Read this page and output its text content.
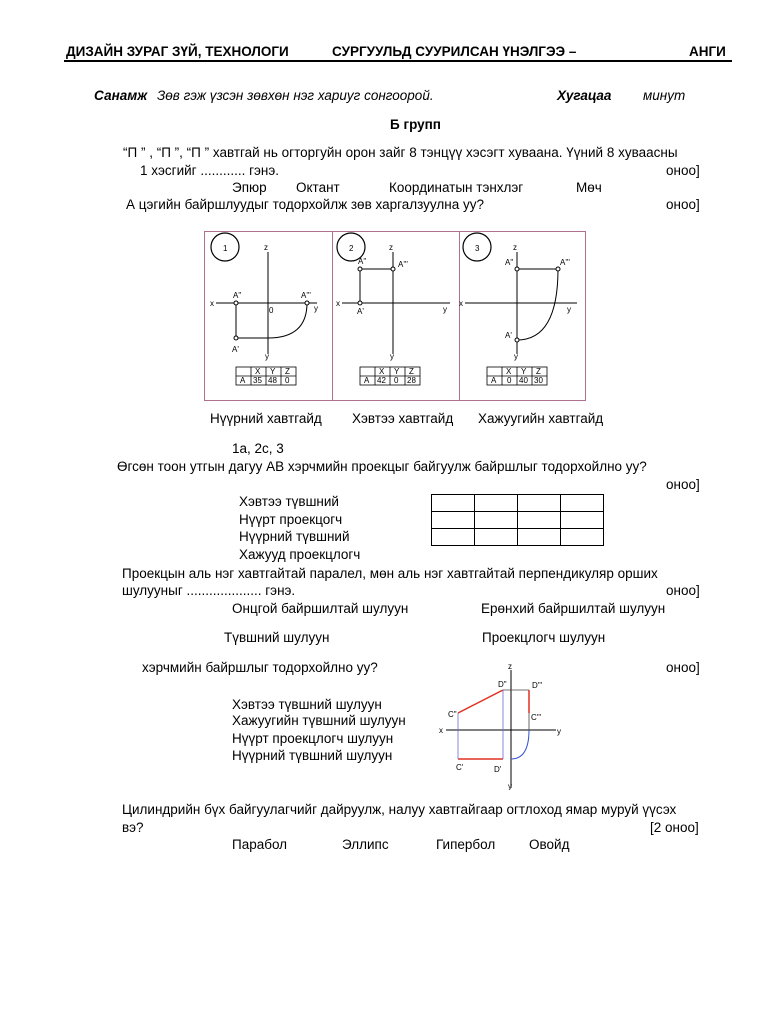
ДИЗАЙН ЗУРАГ ЗҮЙ, ТЕХНОЛОГИ	СУРГУУЛЬД СУУРИЛСАН ҮНЭЛГЭЭ –	АНГИ
Санамж Зөв гэж үзсэн зөвхөн нэг хариуг сонгоорой.	Хугацаа минут
Б групп
“П ” , “П ”, “П ” хавтгай нь огторгуйн орон зайг 8 тэнцүү хэсэгт хуваана. Үүний 8 хуваасны
1 хэсгийг ............ гэнэ.	оноо]
Эпюр Октант	Координатын тэнхлэг	Мөч
А цэгийн байршлуудыг тодорхойлж зөв харгалзуулна уу?	оноо]
1	z
x
y
y
0
A"	A'''
A'
2	z
x
y
y
A"	A'''
A'
3	z
x
y
y
A"	A'''
A'
X Y Z
A 35 48 0
X Y Z
A 42 0 28
X Y Z
A 0 40 30
Нүүрний хавтгайд Хэвтээ хавтгайд Хажуугийн хавтгайд
1а, 2с, 3
Өгсөн тоон утгын дагуу АВ хэрчмийн проекцыг байгуулж байршлыг тодорхойлно уу?
оноо]
Хэвтээ түвшний
Нүүрт проекцогч
Нүүрний түвшний
Хажууд проекцлогч

Проекцын аль нэг хавтгайтай паралел, мөн аль нэг хавтгайтай перпендикуляр орших
шулууныг .................... гэнэ.	оноо]
Онцгой байршилтай шулуун	Ерөнхий байршилтай шулуун
Түвшний шулуун	Проекцлогч шулуун
хэрчмийн байршлыг тодорхойлно уу?	оноо]
Хэвтээ түвшний шулуун
Хажуугийн түвшний шулуун
Нүүрт проекцлогч шулуун
Нүүрний түвшний шулуун
z
x	y
y
D"	D'''
C"	C'''
C'	D'
Цилиндрийн бүх байгуулагчийг дайруулж, налуу хавтгайгаар огтлоход ямар муруй үүсэх
вэ?	[2 оноо]
Парабол	Эллипс	Гипербол	Овойд
